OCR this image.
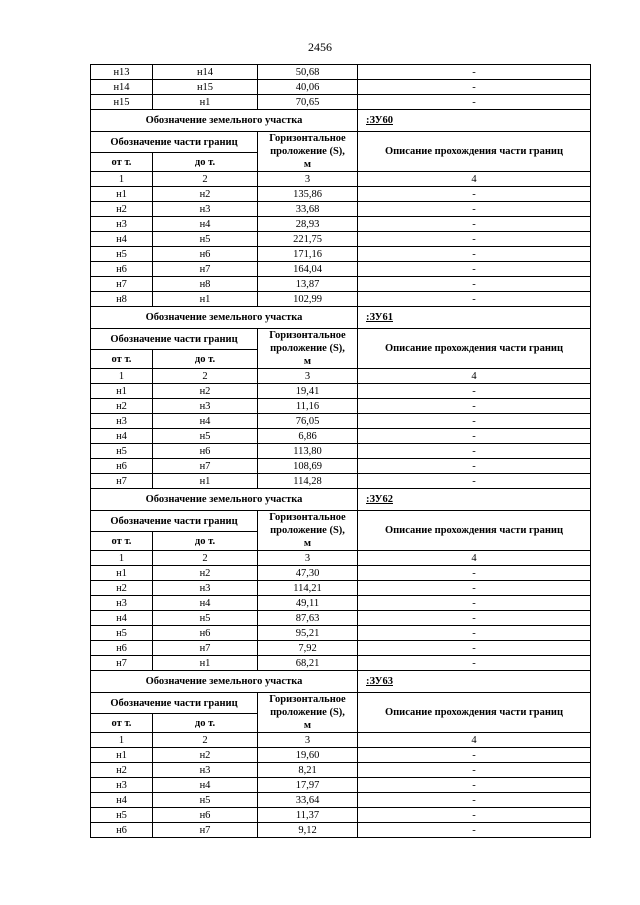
2456
н13	н14	50,68	-
н14	н15	40,06	-
н15	н1	70,65	-
Обозначение земельного участка			:ЗУ60
Обозначение части границ		Горизонтальное
проложение (S),
м	Описание прохождения части границ
от т.	до т.		
1	2	3	4
н1	н2	135,86	-
н2	н3	33,68	-
н3	н4	28,93	-
н4	н5	221,75	-
н5	н6	171,16	-
н6	н7	164,04	-
н7	н8	13,87	-
н8	н1	102,99	-
Обозначение земельного участка			:ЗУ61
Обозначение части границ		Горизонтальное
проложение (S),
м	Описание прохождения части границ
от т.	до т.		
1	2	3	4
н1	н2	19,41	-
н2	н3	11,16	-
н3	н4	76,05	-
н4	н5	6,86	-
н5	н6	113,80	-
н6	н7	108,69	-
н7	н1	114,28	-
Обозначение земельного участка			:ЗУ62
Обозначение части границ		Горизонтальное
проложение (S),
м	Описание прохождения части границ
от т.	до т.		
1	2	3	4
н1	н2	47,30	-
н2	н3	114,21	-
н3	н4	49,11	-
н4	н5	87,63	-
н5	н6	95,21	-
н6	н7	7,92	-
н7	н1	68,21	-
Обозначение земельного участка			:ЗУ63
Обозначение части границ		Горизонтальное
проложение (S),
м	Описание прохождения части границ
от т.	до т.		
1	2	3	4
н1	н2	19,60	-
н2	н3	8,21	-
н3	н4	17,97	-
н4	н5	33,64	-
н5	н6	11,37	-
н6	н7	9,12	-
